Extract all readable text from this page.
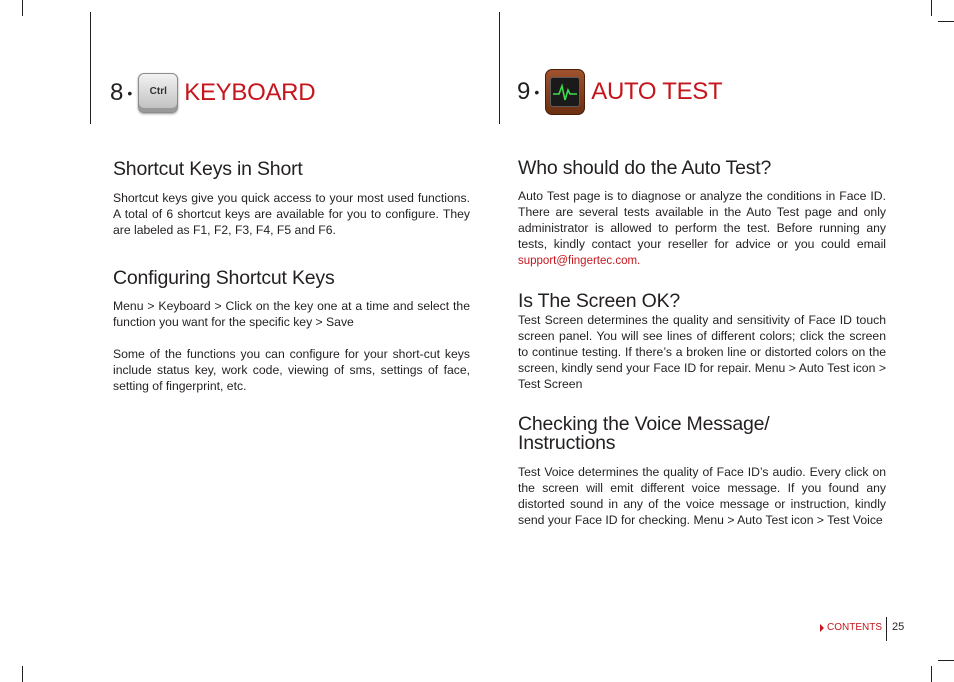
8 • Ctrl KEYBOARD	9 • AUTO TEST
Shortcut Keys in Short

Shortcut keys give you quick access to your most used functions. A total of 6 shortcut keys are available for you to configure. They are labeled as F1, F2, F3, F4, F5 and F6.

Configuring Shortcut Keys

Menu > Keyboard > Click on the key one at a time and select the function you want for the specific key > Save

Some of the functions you can configure for your short-cut keys include status key, work code, viewing of sms, settings of face, setting of fingerprint, etc.

Who should do the Auto Test?

Auto Test page is to diagnose or analyze the conditions in Face ID. There are several tests available in the Auto Test page and only administrator is allowed to perform the test. Before running any tests, kindly contact your reseller for advice or you could email support@fingertec.com.

Is The Screen OK?

Test Screen determines the quality and sensitivity of Face ID touch screen panel. You will see lines of different colors; click the screen to continue testing. If there’s a broken line or distorted colors on the screen, kindly send your Face ID for repair. Menu > Auto Test icon > Test Screen

Checking the Voice Message/
Instructions

Test Voice determines the quality of Face ID’s audio. Every click on the screen will emit different voice message. If you found any distorted sound in any of the voice message or instruction, kindly send your Face ID for checking. Menu > Auto Test icon > Test Voice

CONTENTS 25
